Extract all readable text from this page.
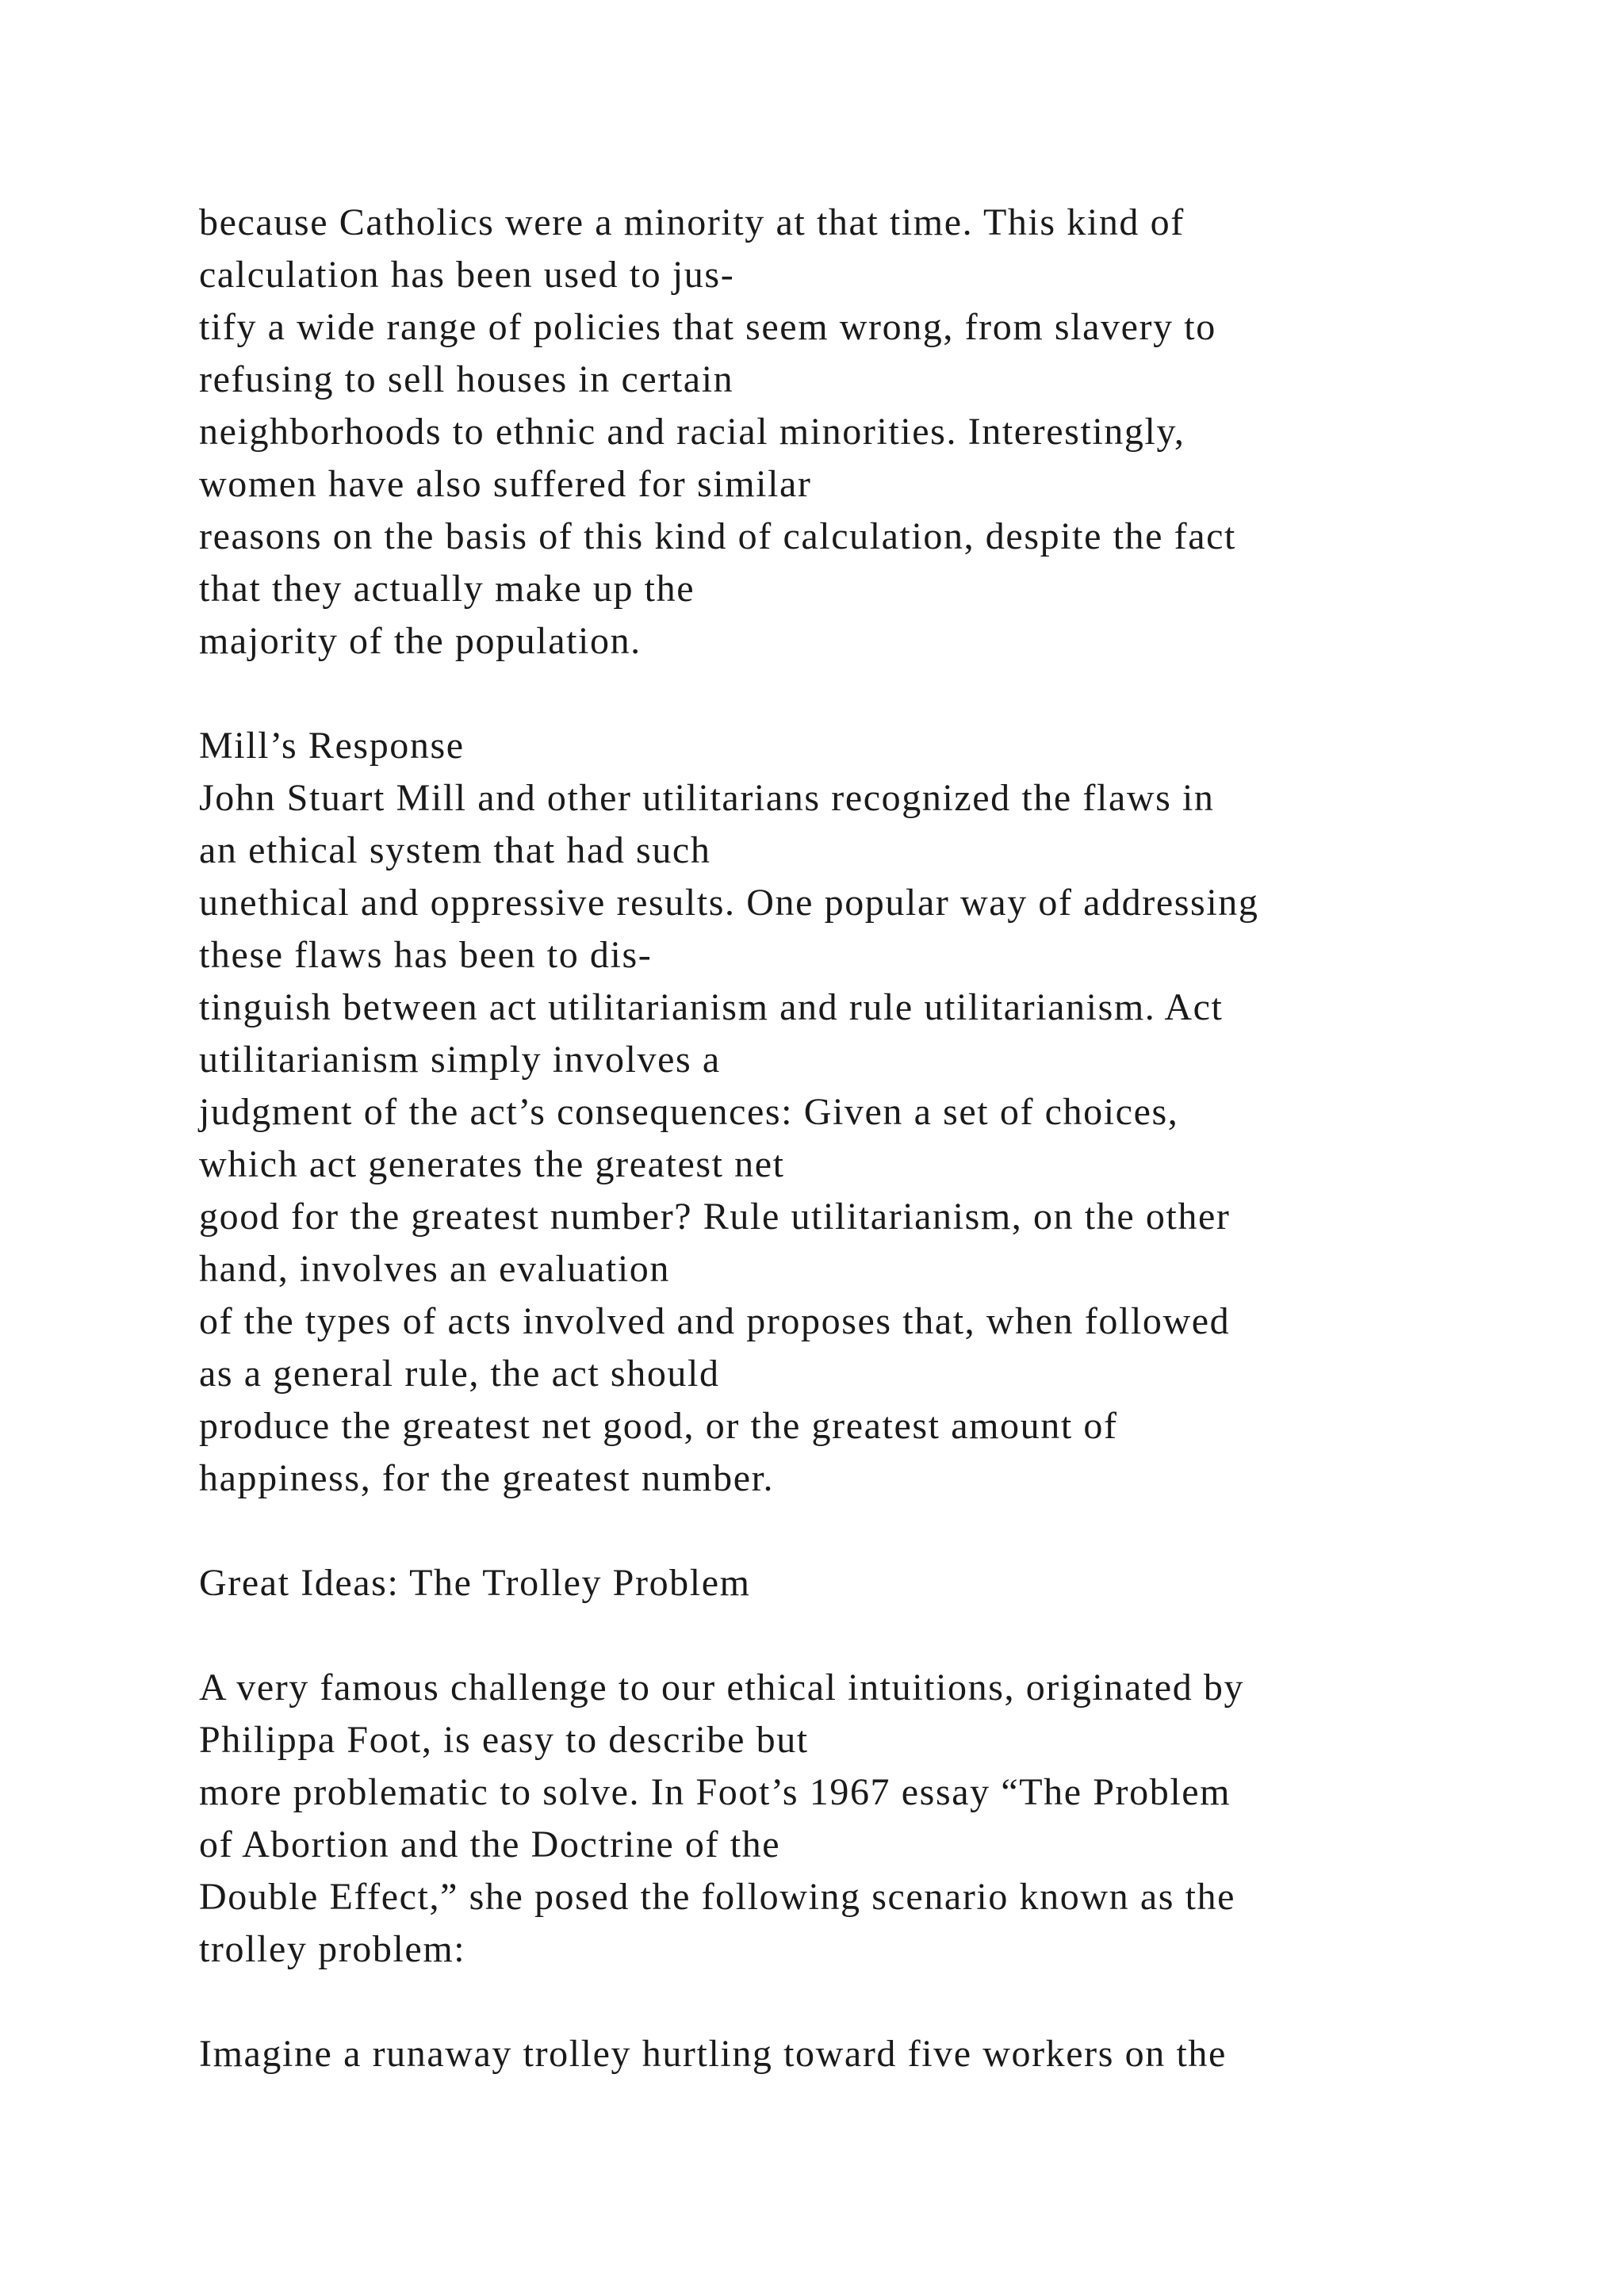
because Catholics were a minority at that time. This kind of
calculation has been used to jus-
tify a wide range of policies that seem wrong, from slavery to
refusing to sell houses in certain
neighborhoods to ethnic and racial minorities. Interestingly,
women have also suffered for similar
reasons on the basis of this kind of calculation, despite the fact
that they actually make up the
majority of the population.
Mill’s Response
John Stuart Mill and other utilitarians recognized the flaws in
an ethical system that had such
unethical and oppressive results. One popular way of addressing
these flaws has been to dis-
tinguish between act utilitarianism and rule utilitarianism. Act
utilitarianism simply involves a
judgment of the act’s consequences: Given a set of choices,
which act generates the greatest net
good for the greatest number? Rule utilitarianism, on the other
hand, involves an evaluation
of the types of acts involved and proposes that, when followed
as a general rule, the act should
produce the greatest net good, or the greatest amount of
happiness, for the greatest number.
Great Ideas: The Trolley Problem
A very famous challenge to our ethical intuitions, originated by
Philippa Foot, is easy to describe but
more problematic to solve. In Foot’s 1967 essay “The Problem
of Abortion and the Doctrine of the
Double Effect,” she posed the following scenario known as the
trolley problem:
Imagine a runaway trolley hurtling toward five workers on the
